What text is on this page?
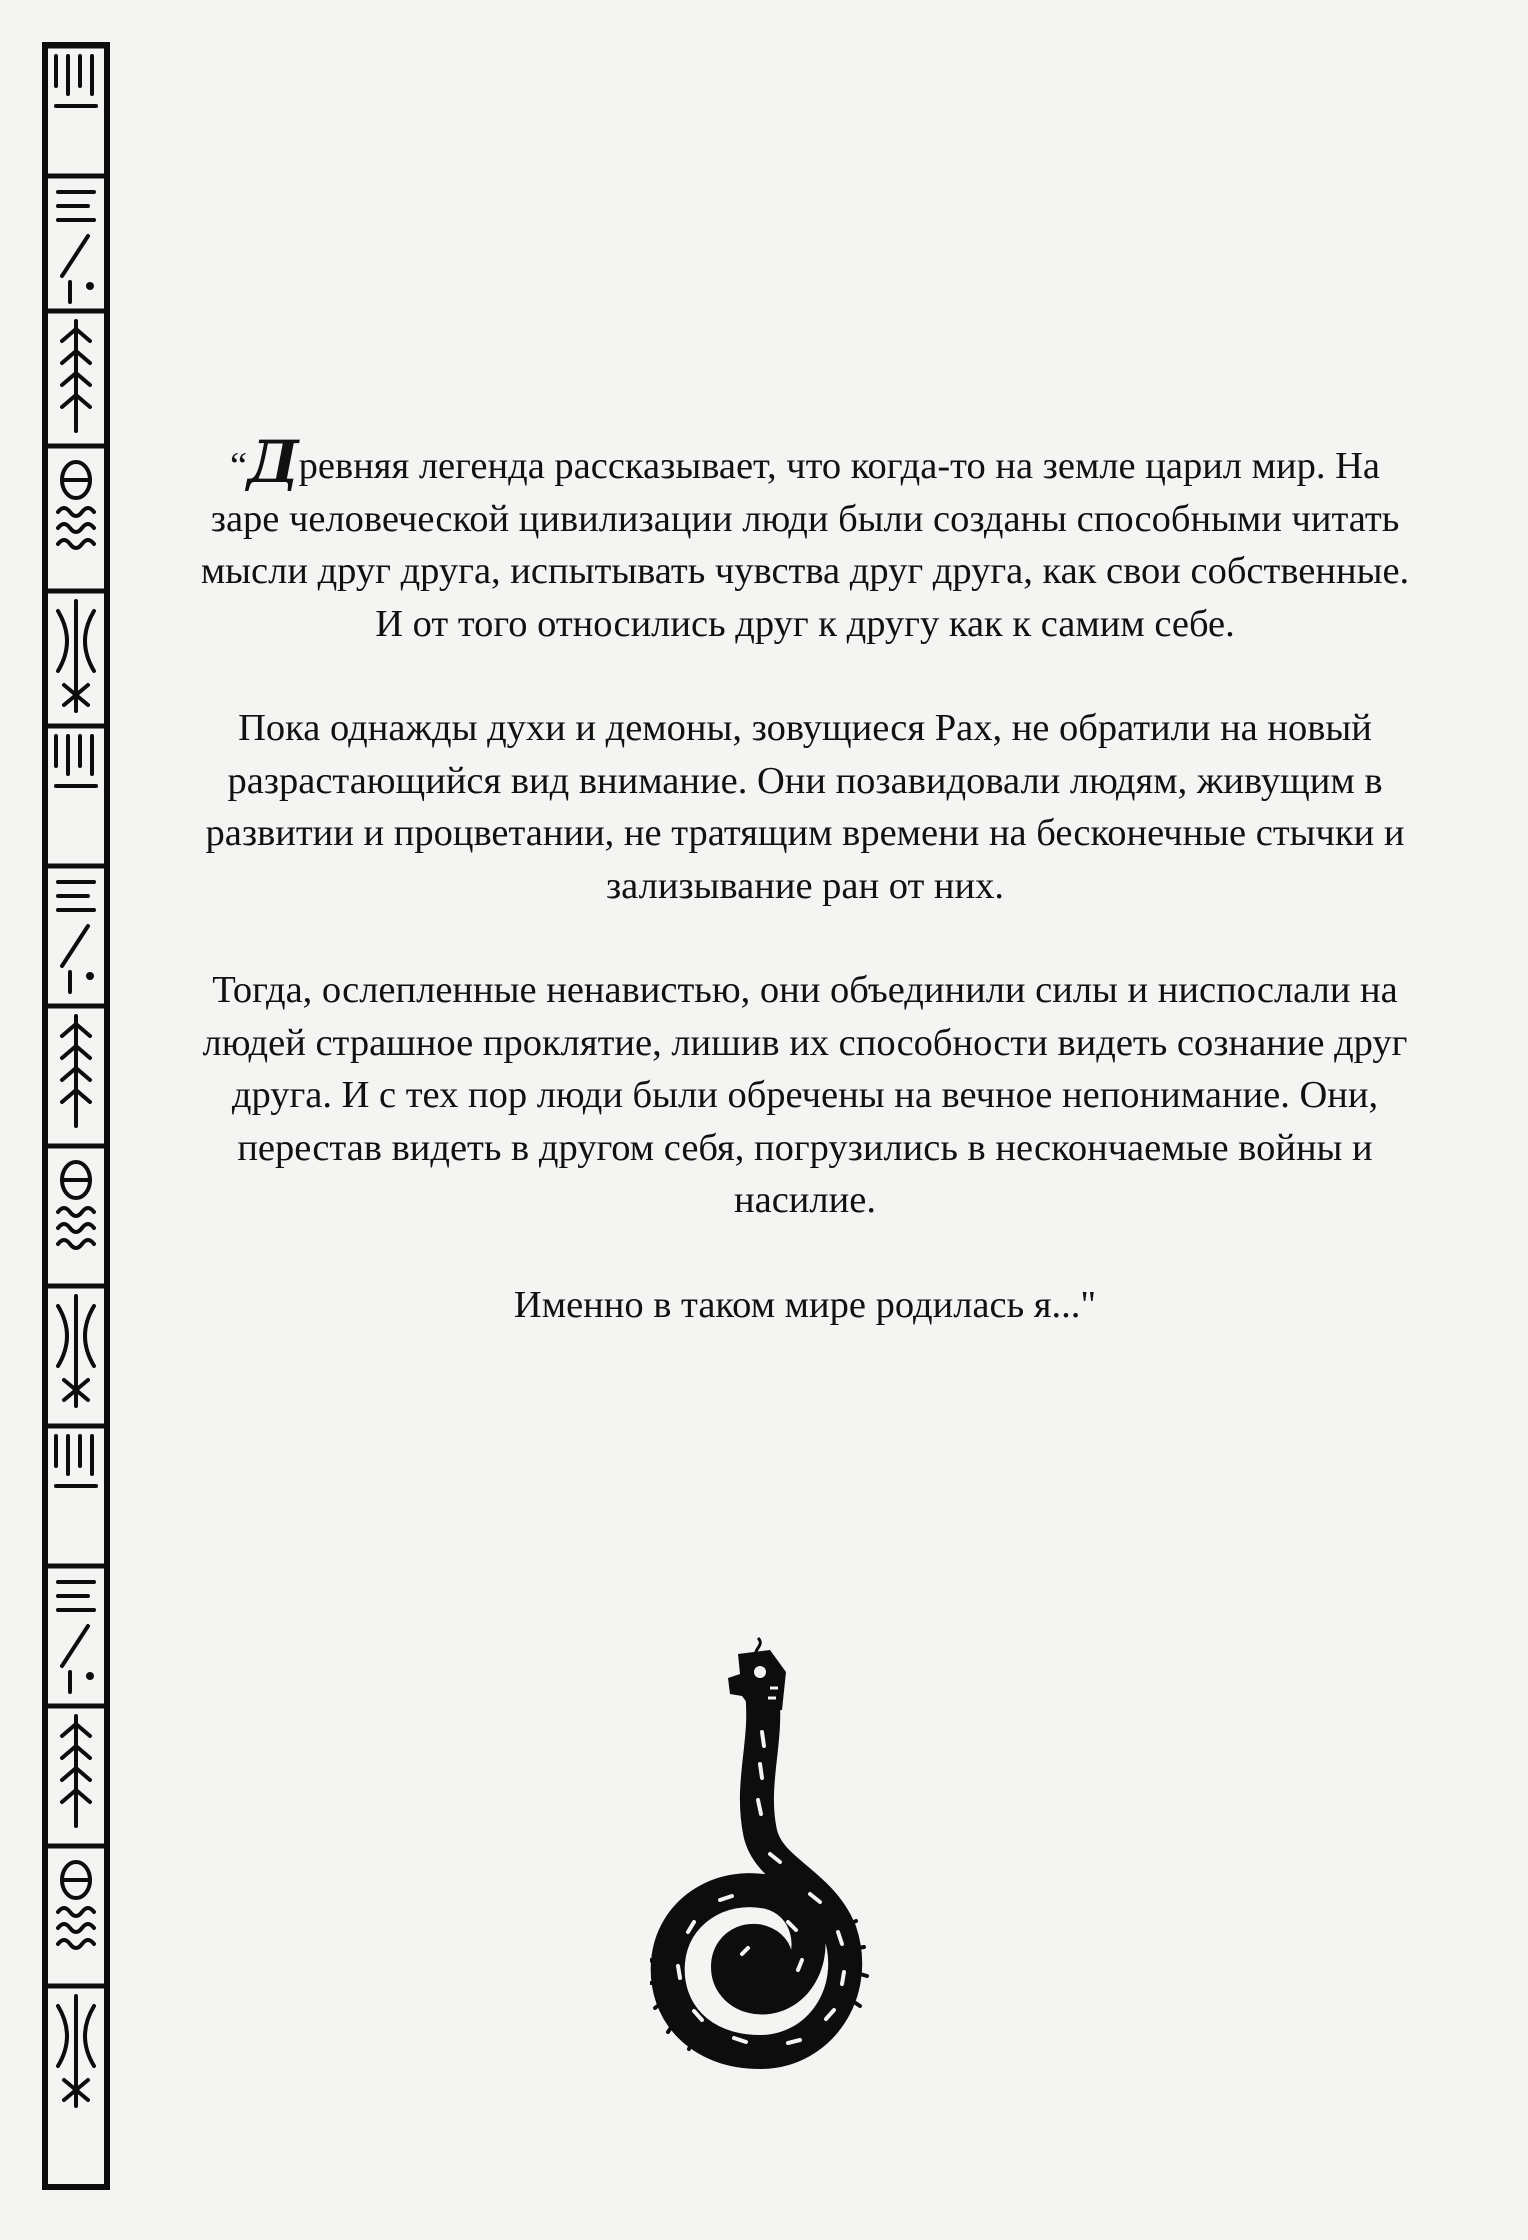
“Древняя легенда рассказывает, что когда-то на земле царил мир. На заре человеческой цивилизации люди были созданы способными читать мысли друг друга, испытывать чувства друг друга, как свои собственные. И от того относились друг к другу как к самим себе.

Пока однажды духи и демоны, зовущиеся Рах, не обратили на новый разрастающийся вид внимание. Они позавидовали людям, живущим в развитии и процветании, не тратящим времени на бесконечные стычки и зализывание ран от них.

Тогда, ослепленные ненавистью, они объединили силы и ниспослали на людей страшное проклятие, лишив их способности видеть сознание друг друга. И с тех пор люди были обречены на вечное непонимание. Они, перестав видеть в другом себя, погрузились в нескончаемые войны и насилие.

Именно в таком мире родилась я..."
